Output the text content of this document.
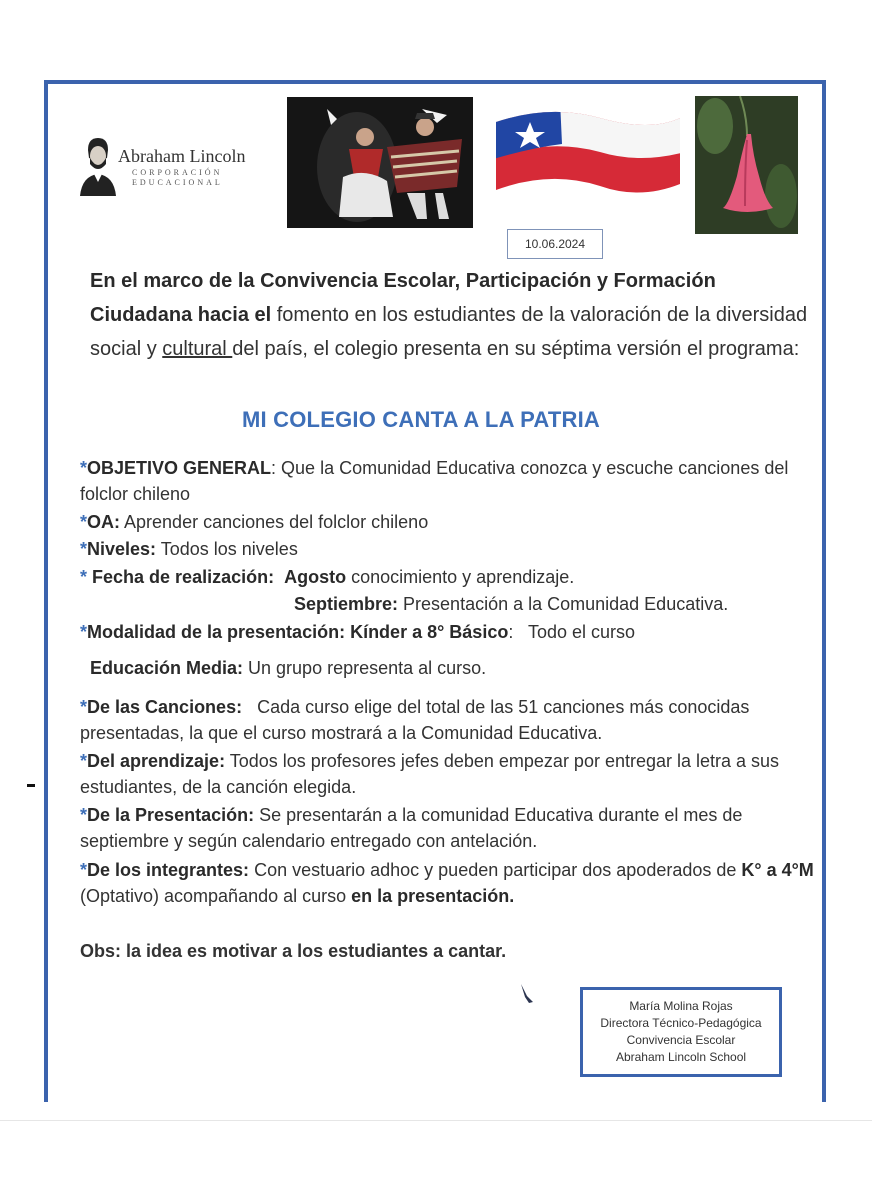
Abraham Lincoln
CORPORACIÓN
EDUCACIONAL
10.06.2024
En el marco de la Convivencia Escolar, Participación y Formación Ciudadana hacia el fomento en los estudiantes de la valoración de la diversidad social y cultural del país, el colegio presenta en su séptima versión el programa:
MI COLEGIO CANTA A LA PATRIA
*OBJETIVO GENERAL: Que la Comunidad Educativa conozca y escuche canciones del folclor chileno
*OA: Aprender canciones del folclor chileno
*Niveles: Todos los niveles
* Fecha de realización: Agosto conocimiento y aprendizaje.
Septiembre: Presentación a la Comunidad Educativa.
*Modalidad de la presentación: Kínder a 8° Básico:   Todo el curso
Educación Media: Un grupo representa al curso.
*De las Canciones:   Cada curso elige del total de las 51 canciones más conocidas presentadas, la que el curso mostrará a la Comunidad Educativa.
*Del aprendizaje: Todos los profesores jefes deben empezar por entregar la letra a sus estudiantes, de la canción elegida.
*De la Presentación: Se presentarán a la comunidad Educativa durante el mes de septiembre y según calendario entregado con antelación.
*De los integrantes: Con vestuario adhoc y pueden participar dos apoderados de K° a 4°M (Optativo) acompañando al curso en la presentación.
Obs: la idea es motivar a los estudiantes a cantar.
María Molina Rojas
Directora Técnico-Pedagógica
Convivencia Escolar
Abraham Lincoln School
